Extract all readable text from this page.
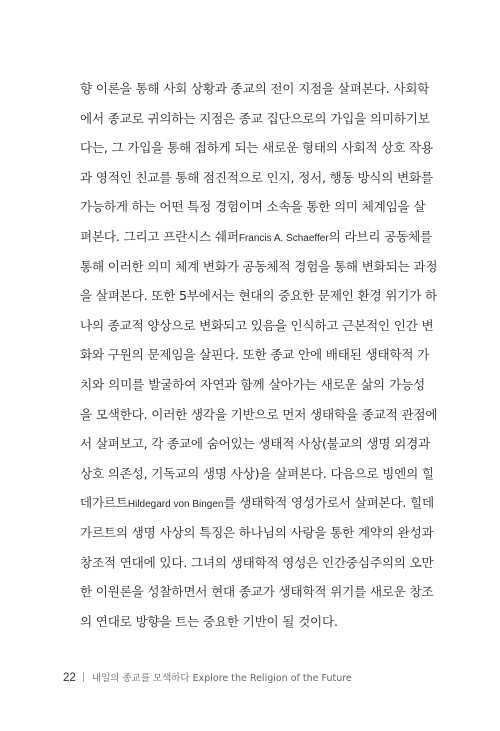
향 이론을 통해 사회 상황과 종교의 전이 지점을 살펴본다. 사회학
에서 종교로 귀의하는 지점은 종교 집단으로의 가입을 의미하기보
다는, 그 가입을 통해 접하게 되는 새로운 형태의 사회적 상호 작용
과 영적인 친교를 통해 점진적으로 인지, 정서, 행동 방식의 변화를
가능하게 하는 어떤 특정 경험이며 소속을 통한 의미 체계임을 살
펴본다. 그리고 프란시스 쉐퍼Francis A. Schaeffer의 라브리 공동체를
통해 이러한 의미 체계 변화가 공동체적 경험을 통해 변화되는 과정
을 살펴본다. 또한 5부에서는 현대의 중요한 문제인 환경 위기가 하
나의 종교적 양상으로 변화되고 있음을 인식하고 근본적인 인간 변
화와 구원의 문제임을 살핀다. 또한 종교 안에 배태된 생태학적 가
치와 의미를 발굴하여 자연과 함께 살아가는 새로운 삶의 가능성
을 모색한다. 이러한 생각을 기반으로 먼저 생태학을 종교적 관점에
서 살펴보고, 각 종교에 숨어있는 생태적 사상(불교의 생명 외경과
상호 의존성, 기독교의 생명 사상)을 살펴본다. 다음으로 빙엔의 힐
데가르트Hildegard von Bingen를 생태학적 영성가로서 살펴본다. 힐데
가르트의 생명 사상의 특징은 하나님의 사랑을 통한 계약의 완성과
창조적 연대에 있다. 그녀의 생태학적 영성은 인간중심주의의 오만
한 이원론을 성찰하면서 현대 종교가 생태학적 위기를 새로운 창조
의 연대로 방향을 트는 중요한 기반이 될 것이다.
22 내일의 종교를 모색하다 Explore the Religion of the Future
